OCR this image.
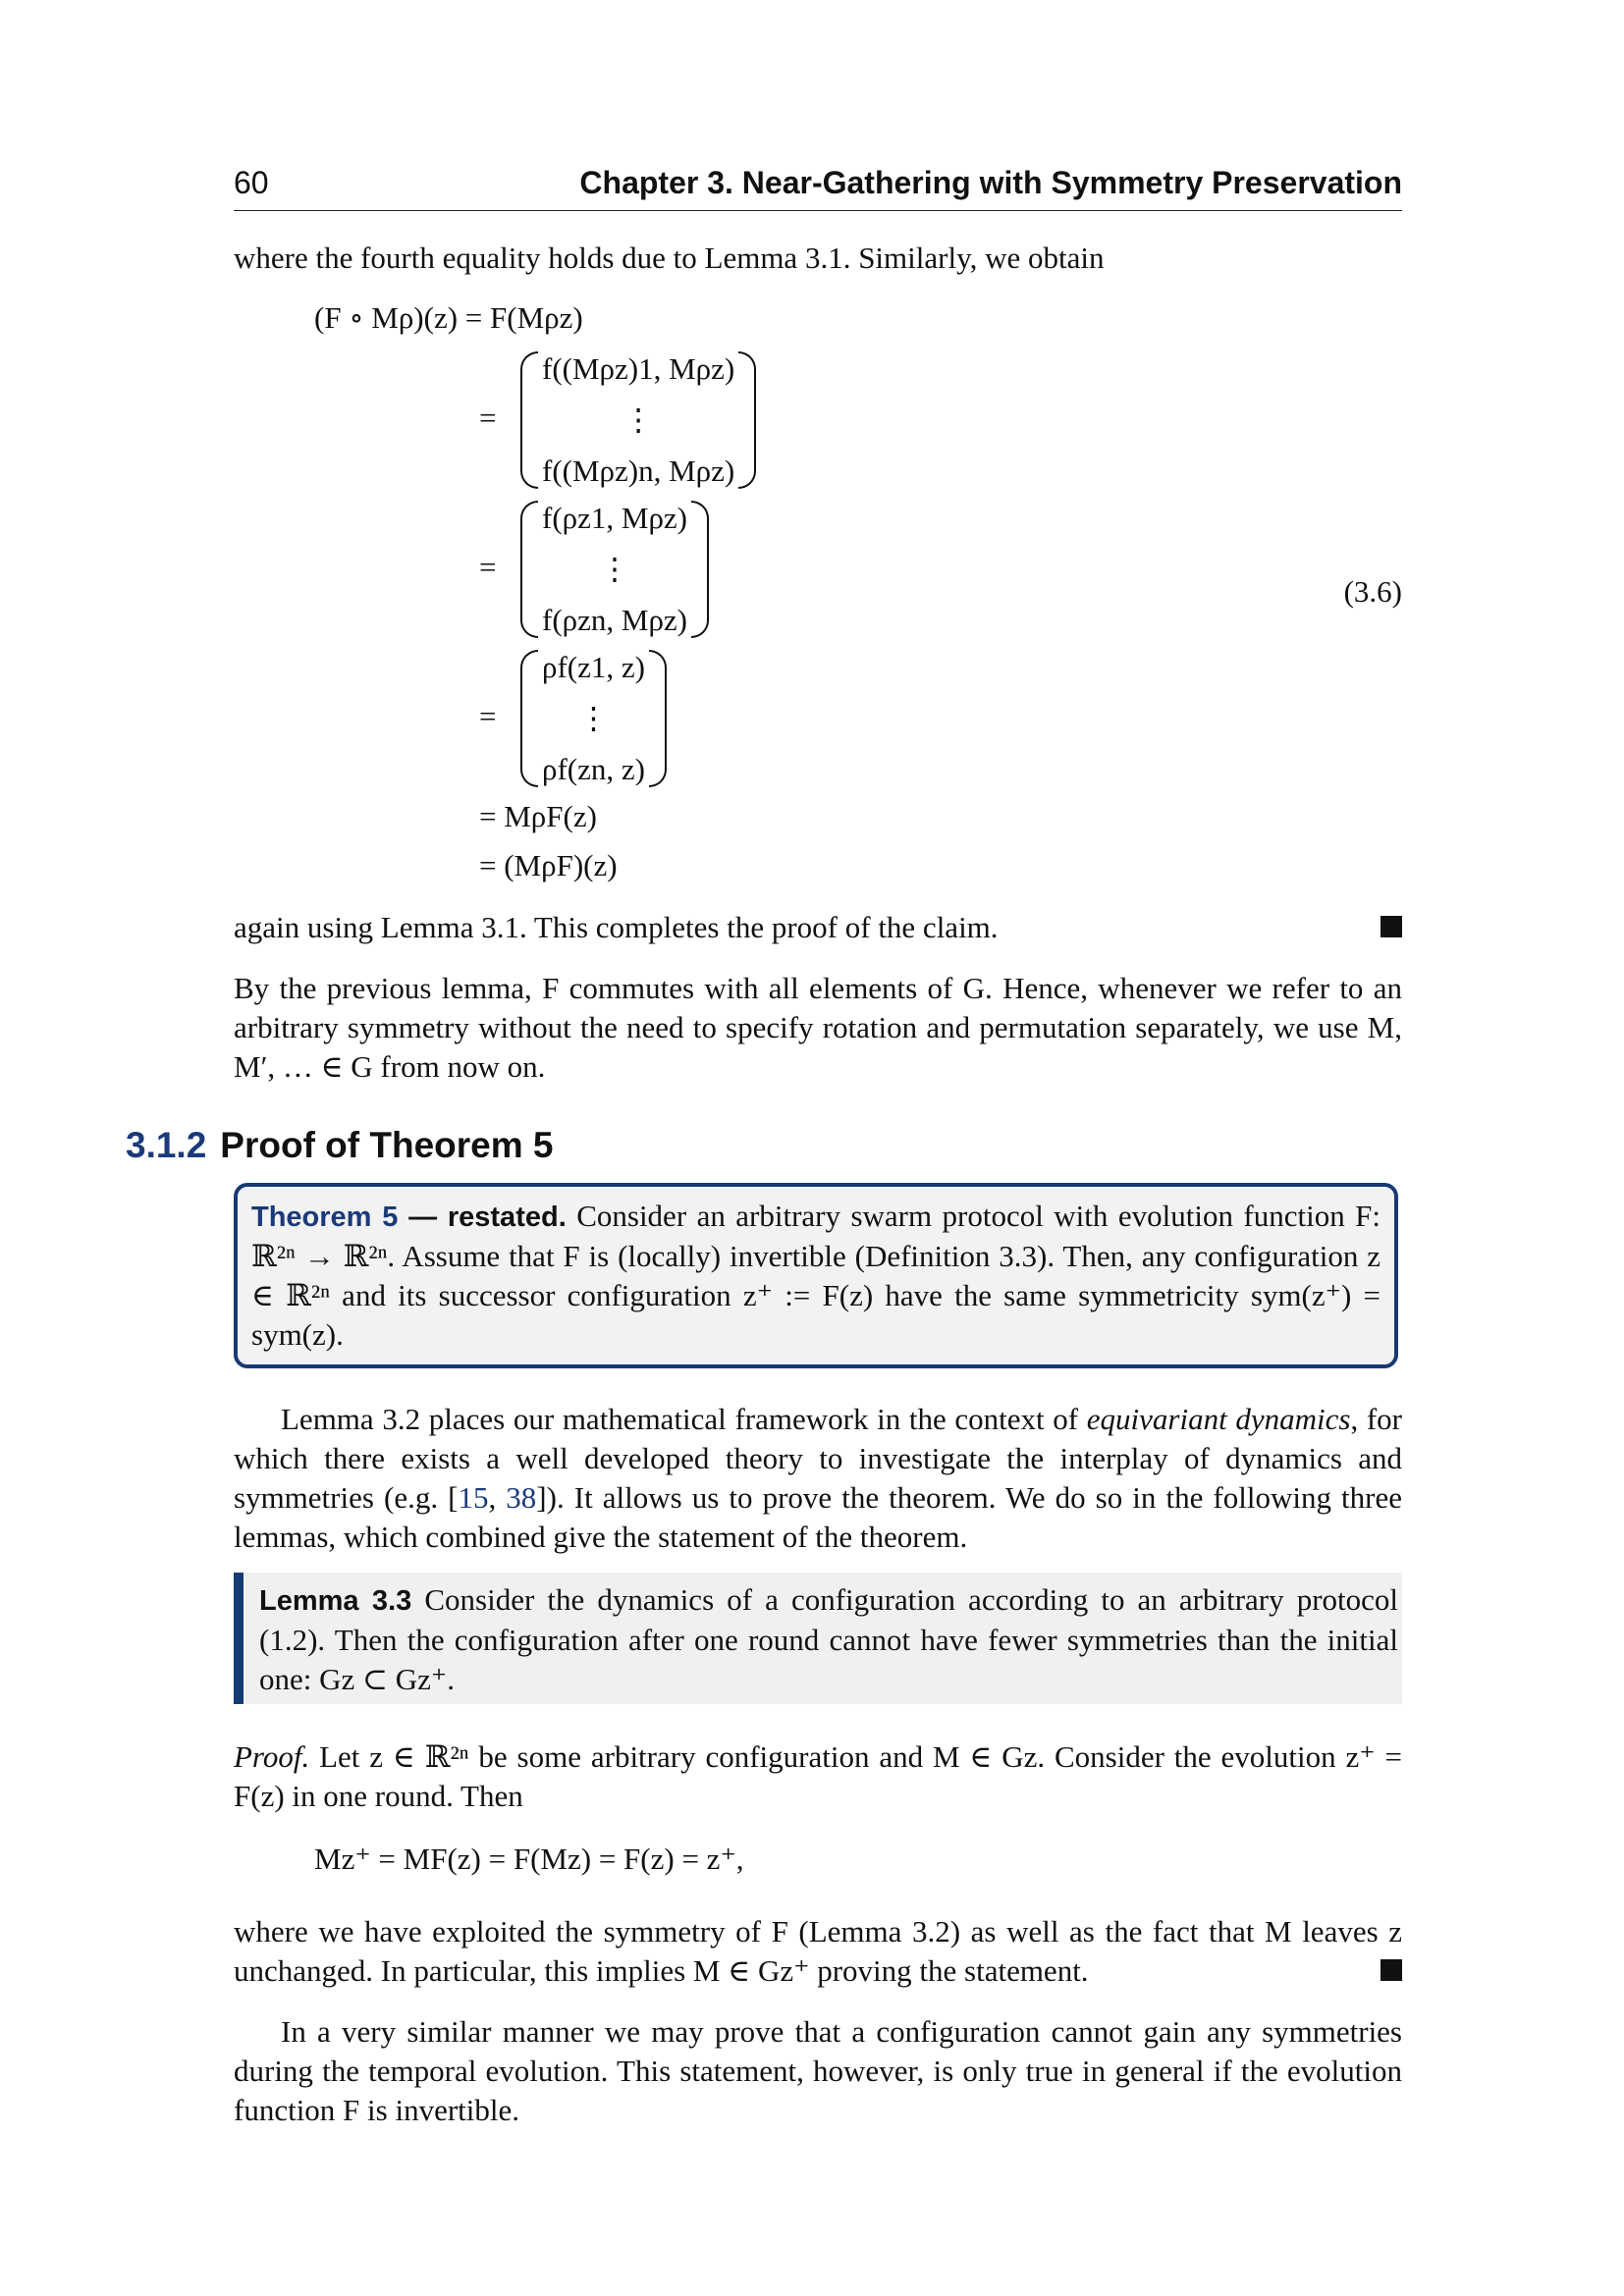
60	Chapter 3. Near-Gathering with Symmetry Preservation
where the fourth equality holds due to Lemma 3.1. Similarly, we obtain
(F ∘ Mρ)(z) = F(Mρz)
=
f((Mρz)1, Mρz)
⋮
f((Mρz)n, Mρz)
=
f(ρz1, Mρz)
⋮
f(ρzn, Mρz)
=
ρf(z1, z)
⋮
ρf(zn, z)
= MρF(z)
= (MρF)(z)
(3.6)
again using Lemma 3.1. This completes the proof of the claim.
By the previous lemma, F commutes with all elements of G. Hence, whenever we refer to an arbitrary symmetry without the need to specify rotation and permutation separately, we use M, M′, … ∈ G from now on.
3.1.2 Proof of Theorem 5
Theorem 5 — restated. Consider an arbitrary swarm protocol with evolution function F: ℝ²ⁿ → ℝ²ⁿ. Assume that F is (locally) invertible (Definition 3.3). Then, any configuration z ∈ ℝ²ⁿ and its successor configuration z⁺ := F(z) have the same symmetricity sym(z⁺) = sym(z).
Lemma 3.2 places our mathematical framework in the context of equivariant dynamics, for which there exists a well developed theory to investigate the interplay of dynamics and symmetries (e.g. [15, 38]). It allows us to prove the theorem. We do so in the following three lemmas, which combined give the statement of the theorem.
Lemma 3.3 Consider the dynamics of a configuration according to an arbitrary protocol (1.2). Then the configuration after one round cannot have fewer symmetries than the initial one: Gz ⊂ Gz⁺.
Proof. Let z ∈ ℝ²ⁿ be some arbitrary configuration and M ∈ Gz. Consider the evolution z⁺ = F(z) in one round. Then
Mz⁺ = MF(z) = F(Mz) = F(z) = z⁺,
where we have exploited the symmetry of F (Lemma 3.2) as well as the fact that M leaves z unchanged. In particular, this implies M ∈ Gz⁺ proving the statement.
In a very similar manner we may prove that a configuration cannot gain any symmetries during the temporal evolution. This statement, however, is only true in general if the evolution function F is invertible.
